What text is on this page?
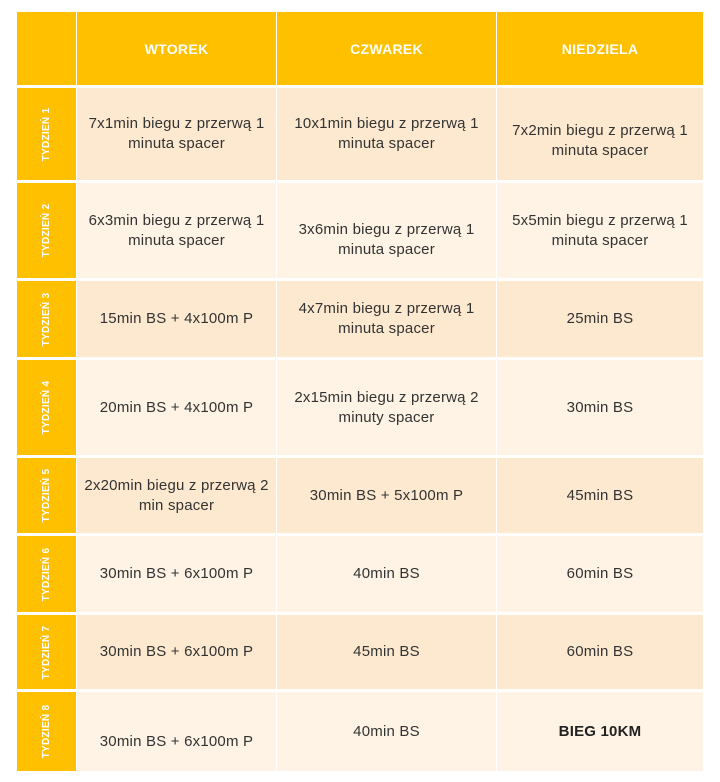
	WTOREK	CZWAREK	NIEDZIELA

TYDZIEŃ 1	7x1min biegu z przerwą 1 minuta spacer	10x1min biegu z przerwą 1 minuta spacer	7x2min biegu z przerwą 1 minuta spacer

TYDZIEŃ 2	6x3min biegu z przerwą 1 minuta spacer	3x6min biegu z przerwą 1 minuta spacer	5x5min biegu z przerwą 1 minuta spacer

TYDZIEŃ 3	15min BS + 4x100m P	4x7min biegu z przerwą 1 minuta spacer	25min BS

TYDZIEŃ 4	20min BS + 4x100m P	2x15min biegu z przerwą 2 minuty spacer	30min BS

TYDZIEŃ 5	2x20min biegu z przerwą 2 min spacer	30min BS + 5x100m P	45min BS

TYDZIEŃ 6	30min BS + 6x100m P	40min BS	60min BS

TYDZIEŃ 7	30min BS + 6x100m P	45min BS	60min BS

TYDZIEŃ 8	30min BS + 6x100m P	40min BS	BIEG 10KM
